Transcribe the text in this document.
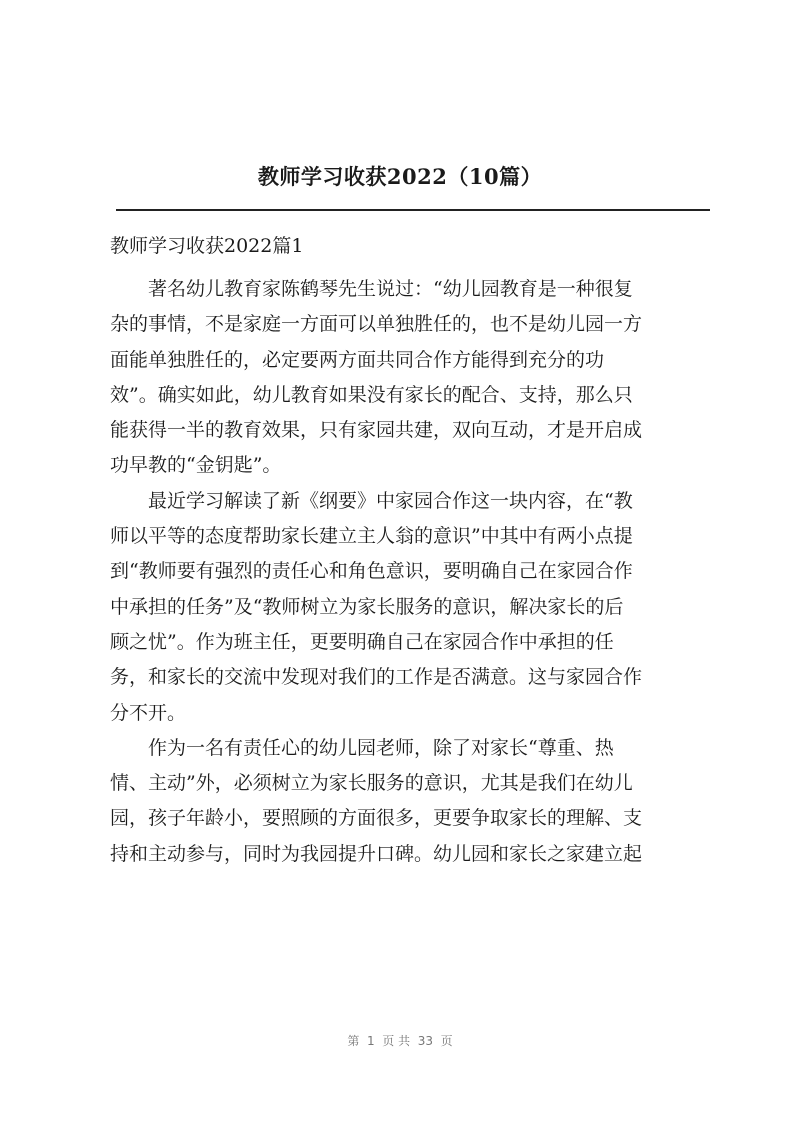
教师学习收获2022（10篇）
教师学习收获2022篇1

　　著名幼儿教育家陈鹤琴先生说过：“幼儿园教育是一种很复
杂的事情，不是家庭一方面可以单独胜任的，也不是幼儿园一方
面能单独胜任的，必定要两方面共同合作方能得到充分的功
效”。确实如此，幼儿教育如果没有家长的配合、支持，那么只
能获得一半的教育效果，只有家园共建，双向互动，才是开启成
功早教的“金钥匙”。

　　最近学习解读了新《纲要》中家园合作这一块内容，在“教
师以平等的态度帮助家长建立主人翁的意识”中其中有两小点提
到“教师要有强烈的责任心和角色意识，要明确自己在家园合作
中承担的任务”及“教师树立为家长服务的意识，解决家长的后
顾之忧”。作为班主任，更要明确自己在家园合作中承担的任
务，和家长的交流中发现对我们的工作是否满意。这与家园合作
分不开。

　　作为一名有责任心的幼儿园老师，除了对家长“尊重、热
情、主动”外，必须树立为家长服务的意识，尤其是我们在幼儿
园，孩子年龄小，要照顾的方面很多，更要争取家长的理解、支
持和主动参与，同时为我园提升口碑。幼儿园和家长之家建立起

第  1  页 共  33  页
